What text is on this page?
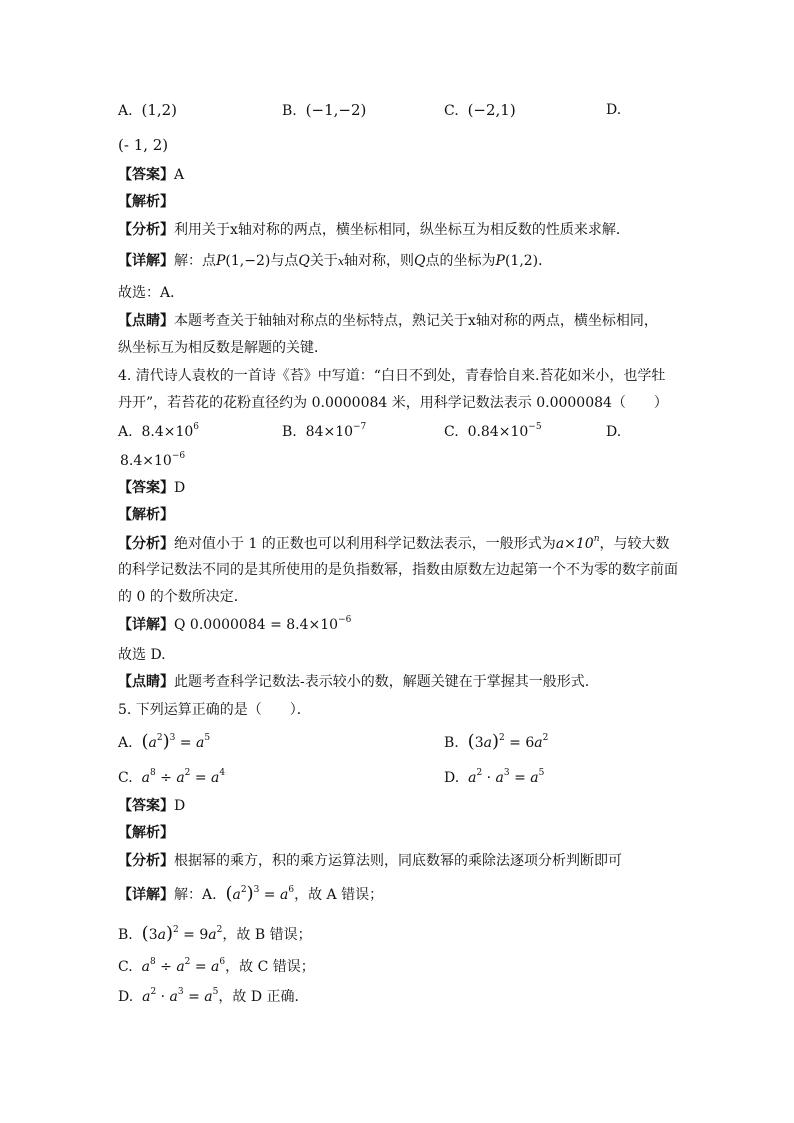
A. (1,2)	B. (−1,−2)	C. (−2,1)	D.
(- 1, 2)
【答案】A
【解析】
【分析】利用关于x轴对称的两点，横坐标相同，纵坐标互为相反数的性质来求解．
【详解】解：点P(1,−2)与点Q关于x轴对称，则Q点的坐标为P(1,2)．
故选：A．
【点睛】本题考查关于轴轴对称点的坐标特点，熟记关于x轴对称的两点，横坐标相同，
纵坐标互为相反数是解题的关键．
4. 清代诗人袁枚的一首诗《苔》中写道：“白日不到处，青春恰自来.苔花如米小，也学牡
丹开”，若苔花的花粉直径约为 0.0000084 米，用科学记数法表示 0.0000084（　　）
A. $8.4\times 10^6$	B. $84\times 10^{-7}$	C. $0.84\times 10^{-5}$	D.
$8.4\times 10^{-6}$
【答案】D
【解析】
【分析】绝对值小于 1 的正数也可以利用科学记数法表示，一般形式为$a\times 10^n$，与较大数
的科学记数法不同的是其所使用的是负指数幂，指数由原数左边起第一个不为零的数字前面
的 0 的个数所决定．
【详解】Q $0.0000084 = 8.4\times 10^{-6}$
故选 D.
【点睛】此题考查科学记数法-表示较小的数，解题关键在于掌握其一般形式.
5. 下列运算正确的是（　　）．
A. $(a^2)^3 = a^5$	B. $(3a)^2 = 6a^2$
C. $a^8 \div a^2 = a^4$	D. $a^2 \cdot a^3 = a^5$
【答案】D
【解析】
【分析】根据幂的乘方，积的乘方运算法则，同底数幂的乘除法逐项分析判断即可
【详解】解：A. $(a^2)^3 = a^6$，故 A 错误；
B. $(3a)^2 = 9a^2$，故 B 错误；
C. $a^8 \div a^2 = a^6$，故 C 错误；
D. $a^2 \cdot a^3 = a^5$，故 D 正确．
